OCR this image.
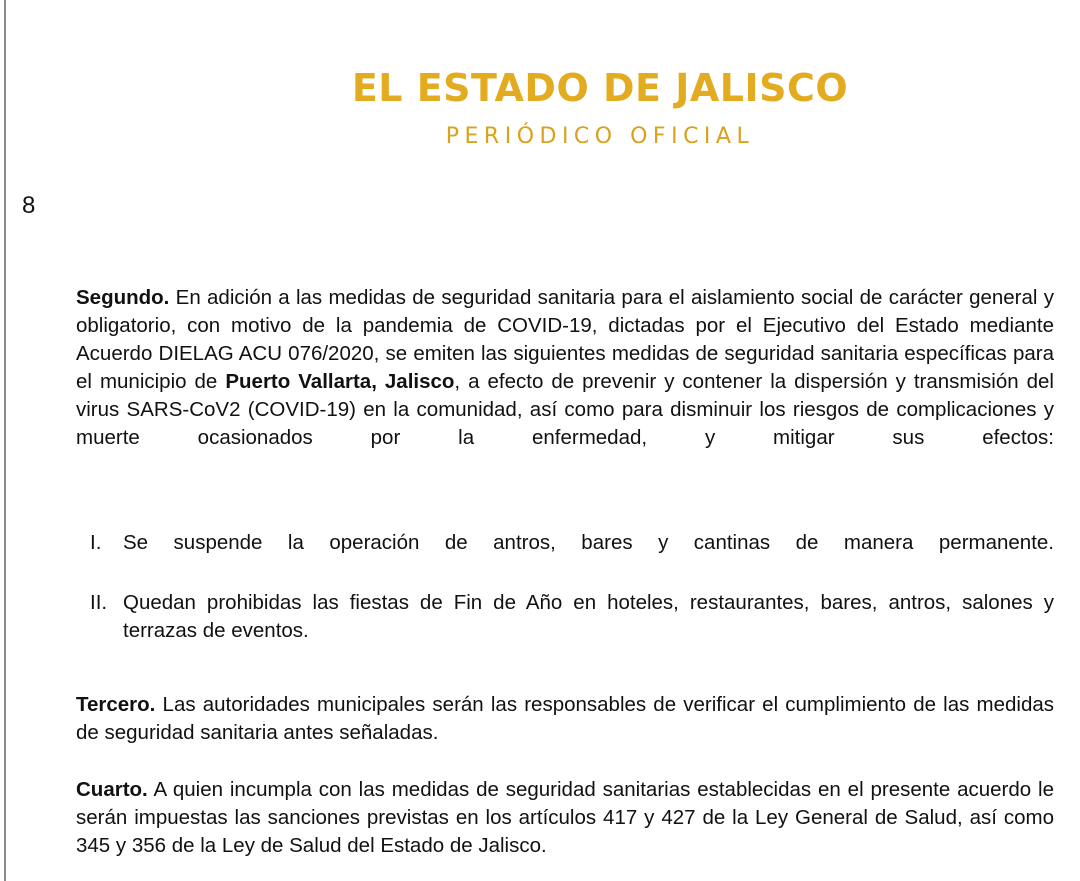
EL ESTADO DE JALISCO
PERIÓDICO OFICIAL
8

Segundo. En adición a las medidas de seguridad sanitaria para el aislamiento social de carácter general y obligatorio, con motivo de la pandemia de COVID-19, dictadas por el Ejecutivo del Estado mediante Acuerdo DIELAG ACU 076/2020, se emiten las siguientes medidas de seguridad sanitaria específicas para el municipio de Puerto Vallarta, Jalisco, a efecto de prevenir y contener la dispersión y transmisión del virus SARS-CoV2 (COVID-19) en la comunidad, así como para disminuir los riesgos de complicaciones y muerte ocasionados por la enfermedad, y mitigar sus efectos:

I. Se suspende la operación de antros, bares y cantinas de manera permanente.
II. Quedan prohibidas las fiestas de Fin de Año en hoteles, restaurantes, bares, antros, salones y terrazas de eventos.

Tercero. Las autoridades municipales serán las responsables de verificar el cumplimiento de las medidas de seguridad sanitaria antes señaladas.

Cuarto. A quien incumpla con las medidas de seguridad sanitarias establecidas en el presente acuerdo le serán impuestas las sanciones previstas en los artículos 417 y 427 de la Ley General de Salud, así como 345 y 356 de la Ley de Salud del Estado de Jalisco.
